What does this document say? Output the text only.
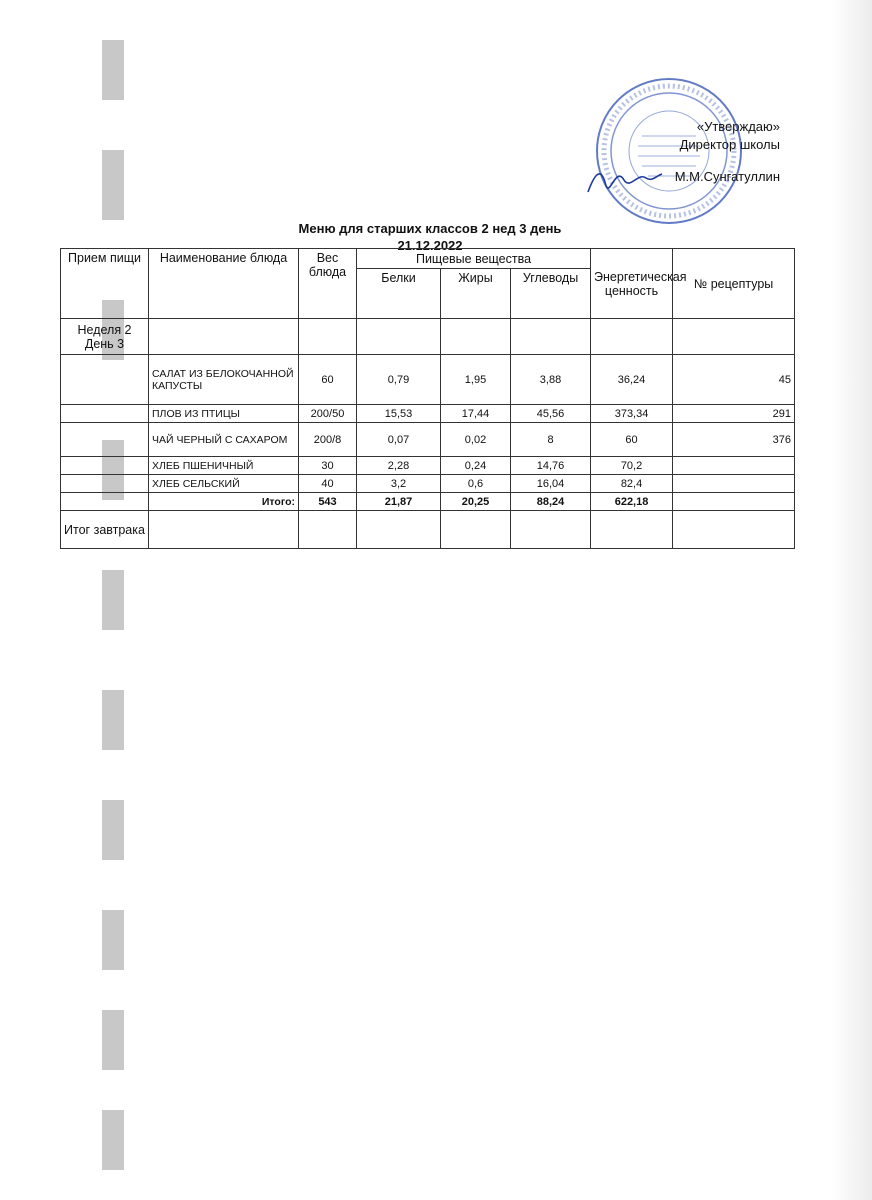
«Утверждаю»
Директор школы
М.М.Сунгатуллин
Меню для старших классов 2 нед 3 день
21.12.2022
Прием пищи	Наименование блюда	Вес блюда	Пищевые вещества			Энергетическая ценность	№ рецептуры
			Белки	Жиры	Углеводы		
Неделя 2 День 3							
	САЛАТ ИЗ БЕЛОКОЧАННОЙ КАПУСТЫ	60	0,79	1,95	3,88	36,24	45
	ПЛОВ ИЗ ПТИЦЫ	200/50	15,53	17,44	45,56	373,34	291
	ЧАЙ ЧЕРНЫЙ С САХАРОМ	200/8	0,07	0,02	8	60	376
	ХЛЕБ ПШЕНИЧНЫЙ	30	2,28	0,24	14,76	70,2	
	ХЛЕБ СЕЛЬСКИЙ	40	3,2	0,6	16,04	82,4	
	Итого:	543	21,87	20,25	88,24	622,18	
Итог завтрака							
